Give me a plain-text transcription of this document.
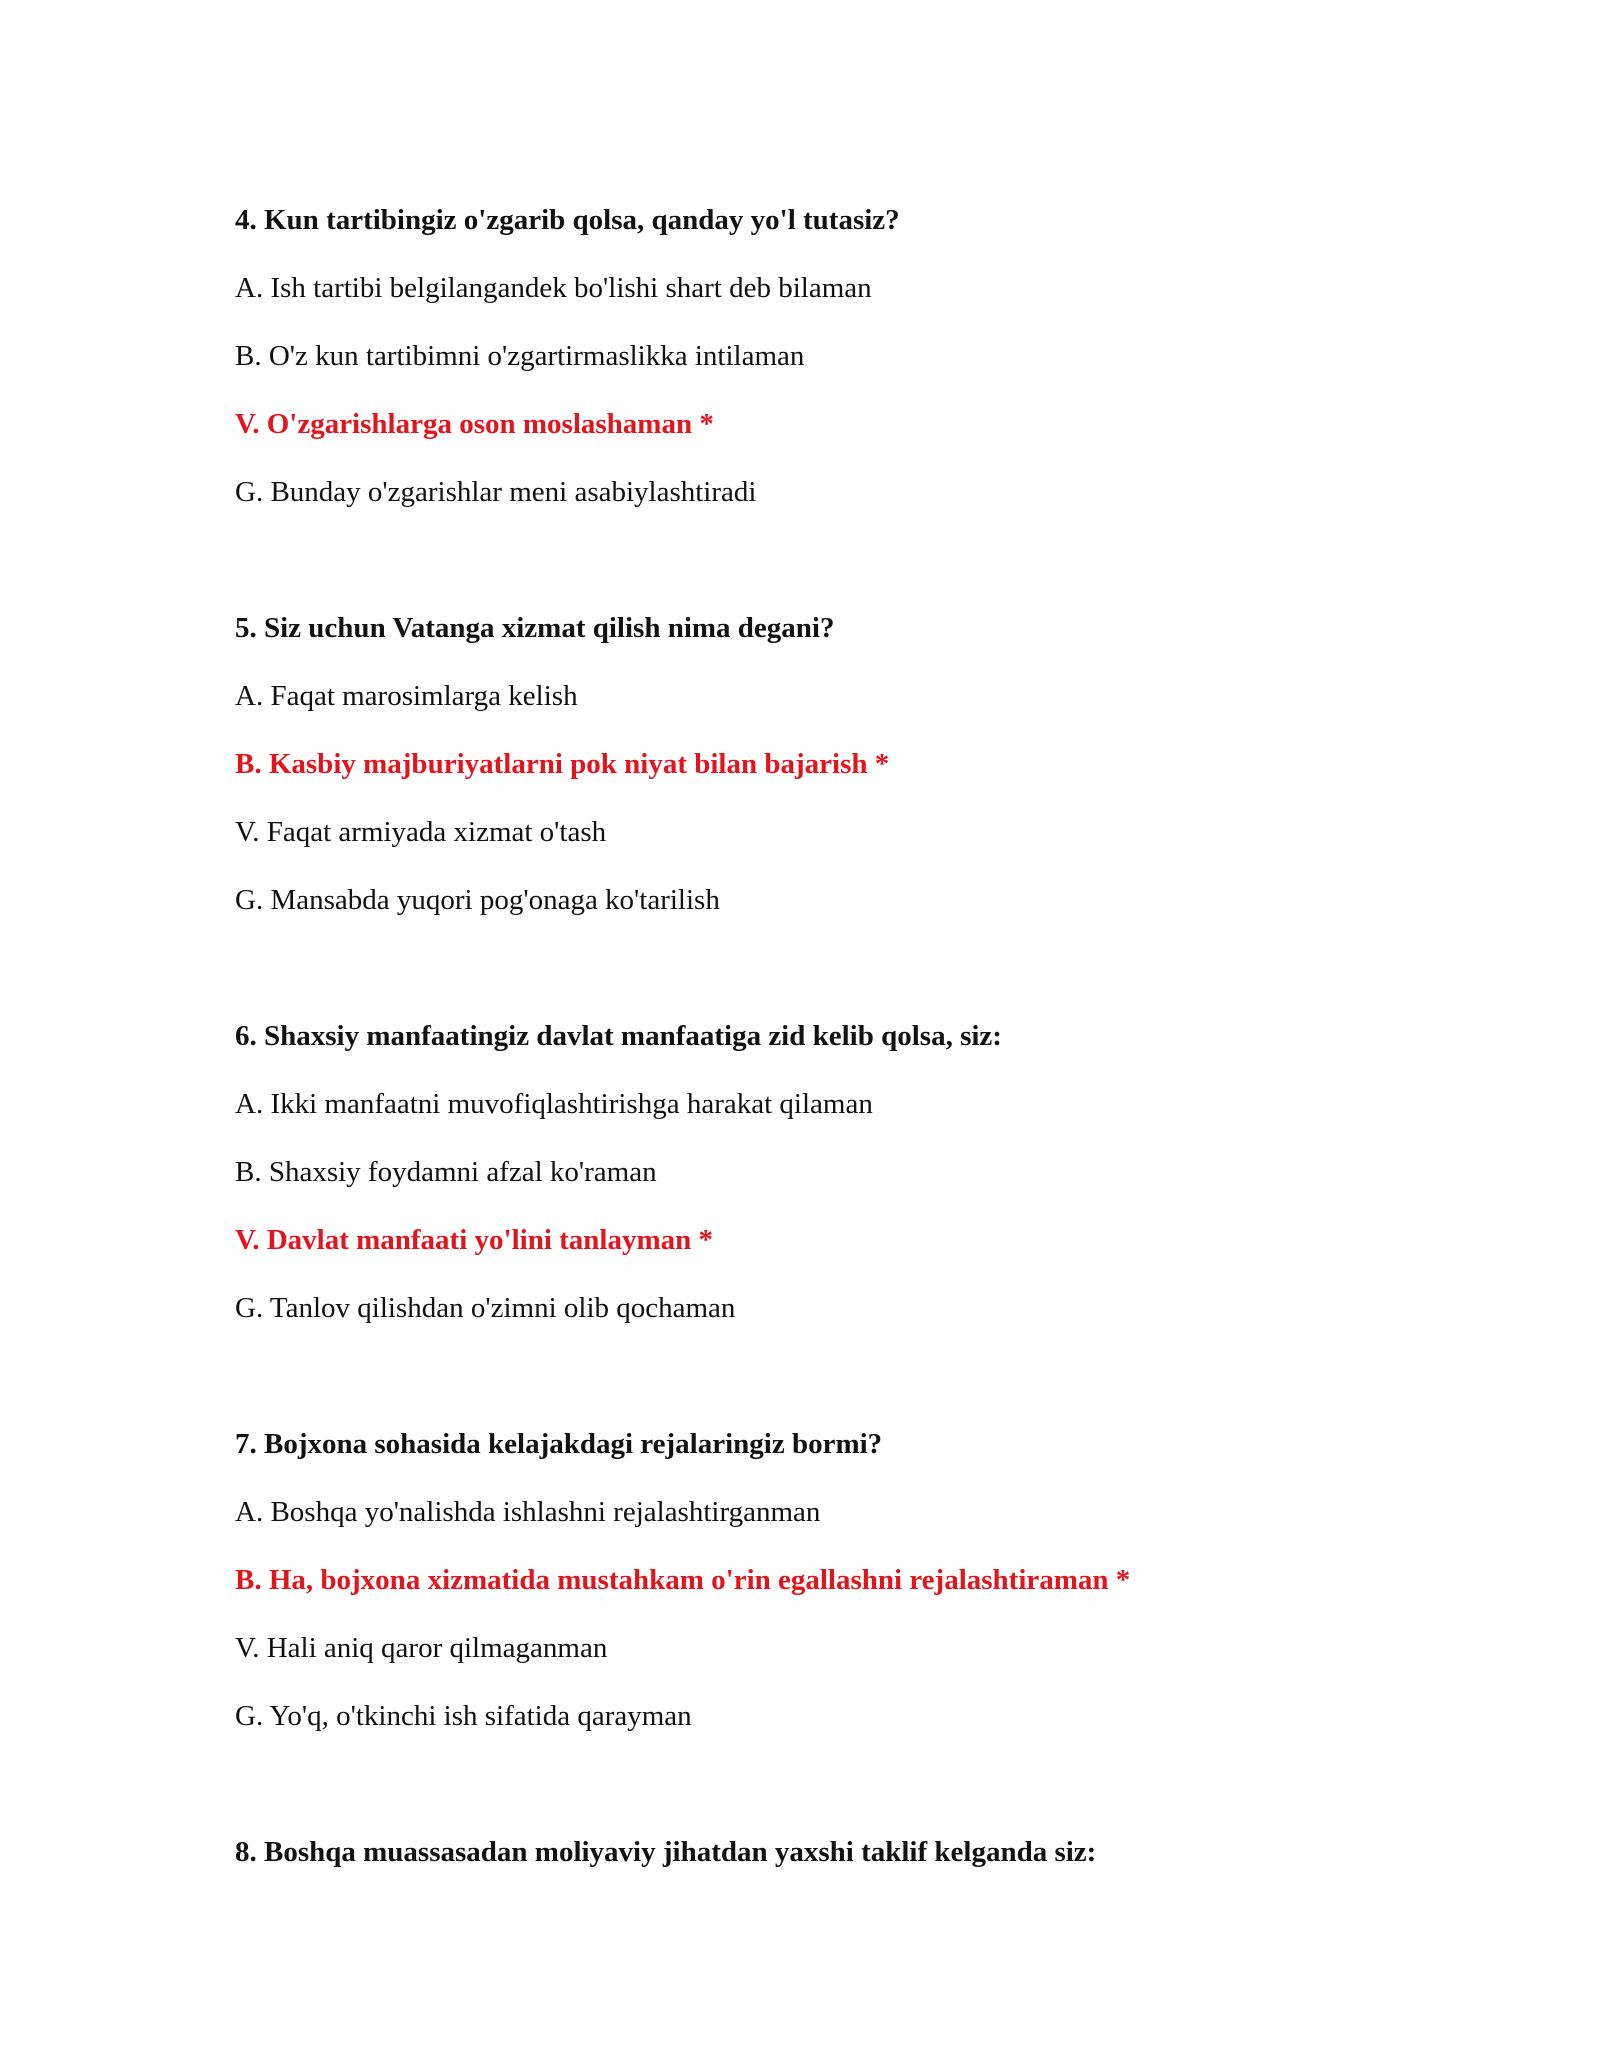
4. Kun tartibingiz o'zgarib qolsa, qanday yo'l tutasiz?
A. Ish tartibi belgilangandek bo'lishi shart deb bilaman
B. O'z kun tartibimni o'zgartirmaslikka intilaman
V. O'zgarishlarga oson moslashaman *
G. Bunday o'zgarishlar meni asabiylashtiradi
5. Siz uchun Vatanga xizmat qilish nima degani?
A. Faqat marosimlarga kelish
B. Kasbiy majburiyatlarni pok niyat bilan bajarish *
V. Faqat armiyada xizmat o'tash
G. Mansabda yuqori pog'onaga ko'tarilish
6. Shaxsiy manfaatingiz davlat manfaatiga zid kelib qolsa, siz:
A. Ikki manfaatni muvofiqlashtirishga harakat qilaman
B. Shaxsiy foydamni afzal ko'raman
V. Davlat manfaati yo'lini tanlayman *
G. Tanlov qilishdan o'zimni olib qochaman
7. Bojxona sohasida kelajakdagi rejalaringiz bormi?
A. Boshqa yo'nalishda ishlashni rejalashtirganman
B. Ha, bojxona xizmatida mustahkam o'rin egallashni rejalashtiraman *
V. Hali aniq qaror qilmaganman
G. Yo'q, o'tkinchi ish sifatida qarayman
8. Boshqa muassasadan moliyaviy jihatdan yaxshi taklif kelganda siz:
